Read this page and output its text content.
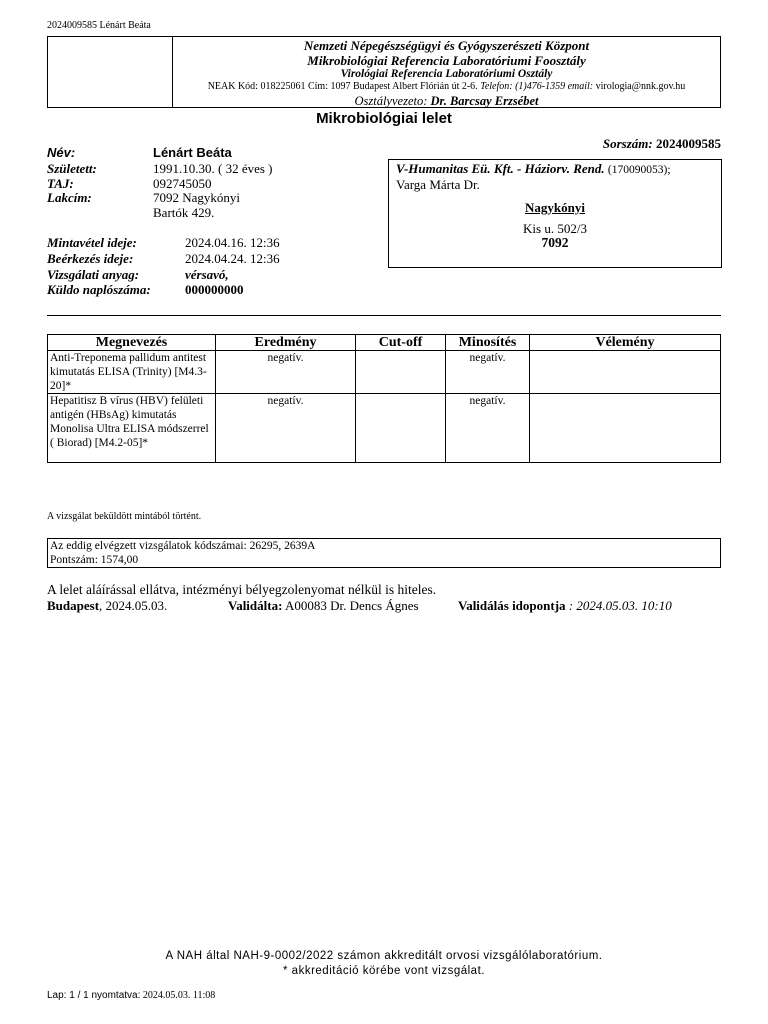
2024009585 Lénárt Beáta
Nemzeti Népegészségügyi és Gyógyszerészeti Központ
Mikrobiológiai Referencia Laboratóriumi Foosztály
Virológiai Referencia Laboratóriumi Osztály
NEAK Kód: 018225061 Cím: 1097 Budapest Albert Flórián út 2-6. Telefon: (1)476-1359 email: virologia@nnk.gov.hu
Osztályvezeto: Dr. Barcsay Erzsébet
Mikrobiológiai lelet
Sorszám: 2024009585
Név:	Lénárt Beáta
Született:	1991.10.30. ( 32 éves )
TAJ:	092745050
Lakcím:	7092 Nagykónyi
Bartók 429.
V-Humanitas Eü. Kft. - Háziorv. Rend. (170090053);
Varga Márta Dr.
Nagykónyi
Kis u. 502/3
7092
Mintavétel ideje:	2024.04.16. 12:36
Beérkezés ideje:	2024.04.24. 12:36
Vizsgálati anyag:	vérsavó,
Küldo naplószáma:	000000000
Megnevezés	Eredmény	Cut-off	Minosítés	Vélemény
Anti-Treponema pallidum antitest kimutatás ELISA (Trinity) [M4.3-20]*	negatív.		negatív.	
Hepatitisz B vírus (HBV) felületi antigén (HBsAg) kimutatás Monolisa Ultra ELISA módszerrel ( Biorad) [M4.2-05]*	negatív.		negatív.	
A vizsgálat beküldött mintából történt.
Az eddig elvégzett vizsgálatok kódszámai: 26295, 2639A
Pontszám: 1574,00
A lelet aláírással ellátva, intézményi bélyegzolenyomat nélkül is hiteles.
Budapest, 2024.05.03.	Validálta: A00083 Dr. Dencs Ágnes	Validálás idopontja : 2024.05.03. 10:10
A NAH által NAH-9-0002/2022 számon akkreditált orvosi vizsgálólaboratórium.
* akkreditáció körébe vont vizsgálat.
Lap: 1 / 1 nyomtatva: 2024.05.03. 11:08
